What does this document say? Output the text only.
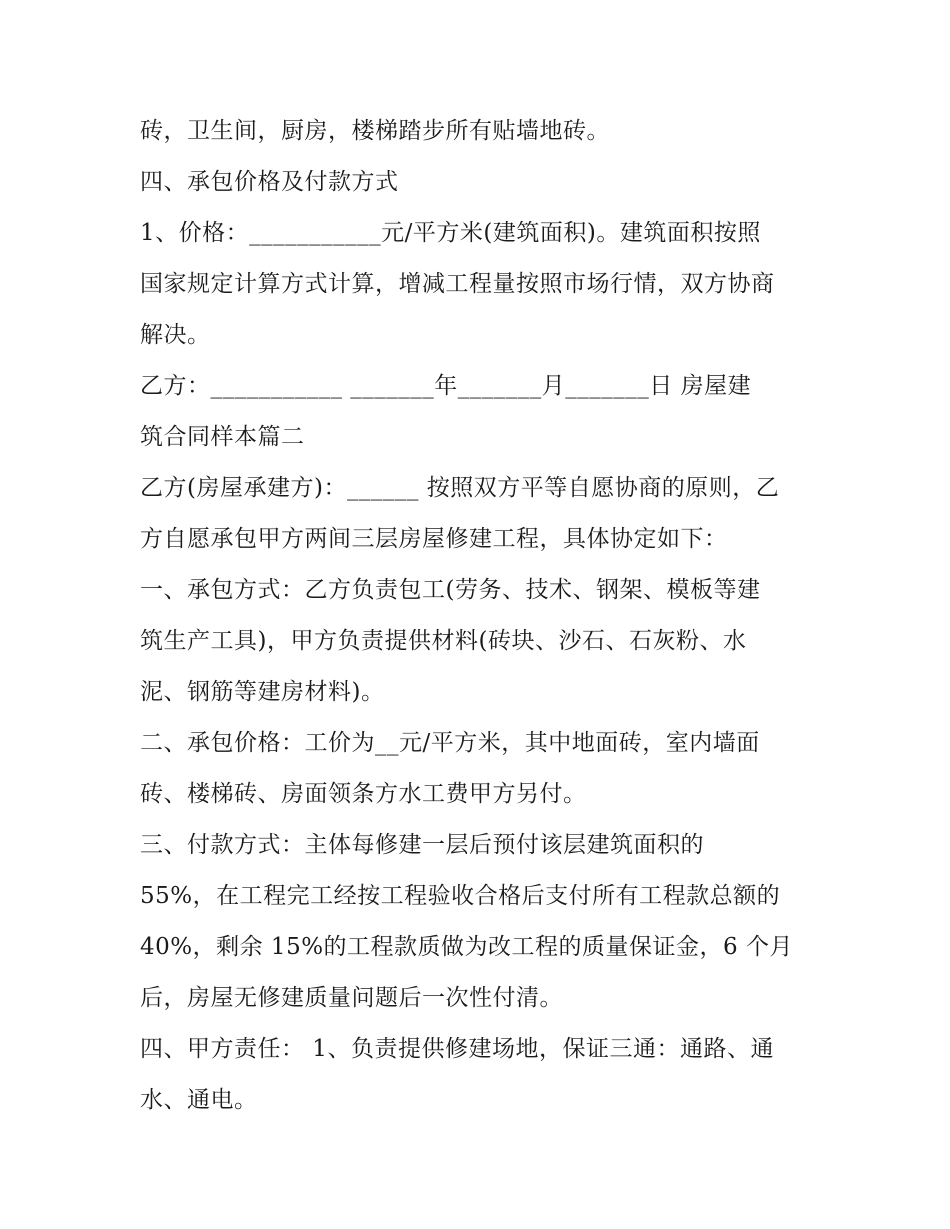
砖，卫生间，厨房，楼梯踏步所有贴墙地砖。
四、承包价格及付款方式
1、价格：___________元/平方米(建筑面积)。建筑面积按照
国家规定计算方式计算，增减工程量按照市场行情，双方协商
解决。
乙方：___________ _______年_______月_______日 房屋建
筑合同样本篇二
乙方(房屋承建方)：______ 按照双方平等自愿协商的原则，乙
方自愿承包甲方两间三层房屋修建工程，具体协定如下：
一、承包方式：乙方负责包工(劳务、技术、钢架、模板等建
筑生产工具)，甲方负责提供材料(砖块、沙石、石灰粉、水
泥、钢筋等建房材料)。
二、承包价格：工价为__元/平方米，其中地面砖，室内墙面
砖、楼梯砖、房面领条方水工费甲方另付。
三、付款方式：主体每修建一层后预付该层建筑面积的
55%，在工程完工经按工程验收合格后支付所有工程款总额的
40%，剩余 15%的工程款质做为改工程的质量保证金，6 个月
后，房屋无修建质量问题后一次性付清。
四、甲方责任： 1、负责提供修建场地，保证三通：通路、通
水、通电。
